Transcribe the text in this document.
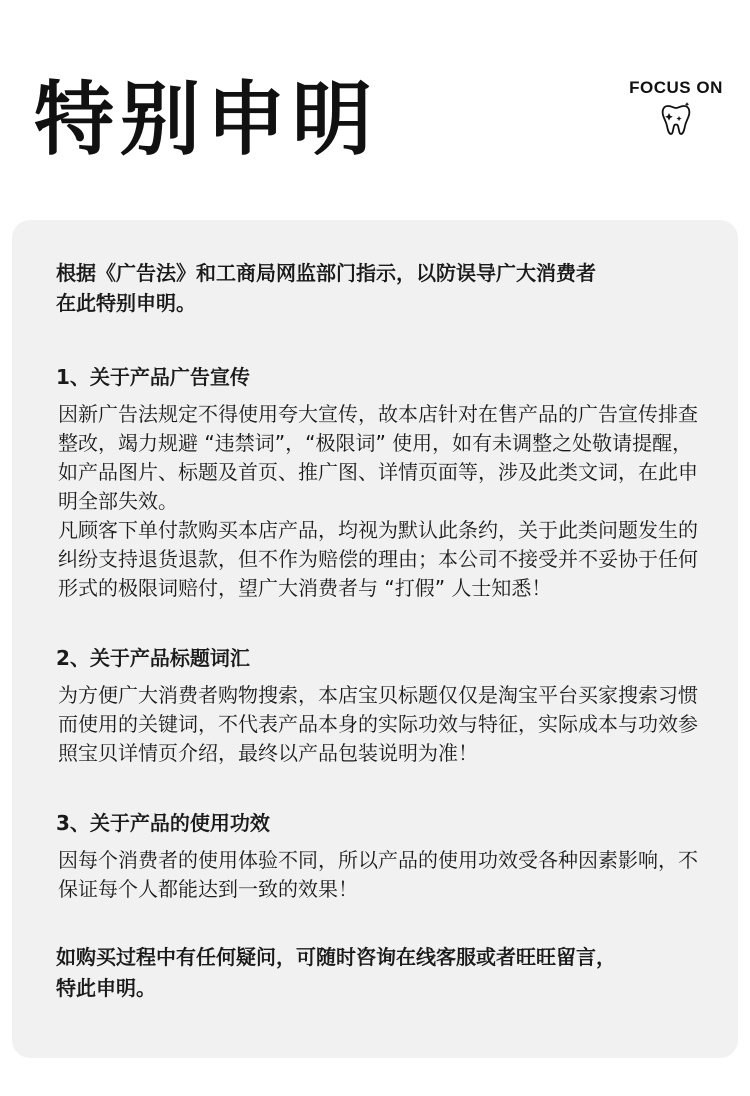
特别申明	FOCUS ON

根据《广告法》和工商局网监部门指示，以防误导广大消费者
在此特别申明。

1、关于产品广告宣传

因新广告法规定不得使用夸大宣传，故本店针对在售产品的广告宣传排查整改，竭力规避 “违禁词”，“极限词” 使用，如有未调整之处敬请提醒，如产品图片、标题及首页、推广图、详情页面等，涉及此类文词，在此申明全部失效。

凡顾客下单付款购买本店产品，均视为默认此条约，关于此类问题发生的纠纷支持退货退款，但不作为赔偿的理由；本公司不接受并不妥协于任何形式的极限词赔付，望广大消费者与 “打假” 人士知悉！

2、关于产品标题词汇

为方便广大消费者购物搜索，本店宝贝标题仅仅是淘宝平台买家搜索习惯而使用的关键词，不代表产品本身的实际功效与特征，实际成本与功效参照宝贝详情页介绍，最终以产品包装说明为准！

3、关于产品的使用功效

因每个消费者的使用体验不同，所以产品的使用功效受各种因素影响，不保证每个人都能达到一致的效果！

如购买过程中有任何疑问，可随时咨询在线客服或者旺旺留言，
特此申明。
